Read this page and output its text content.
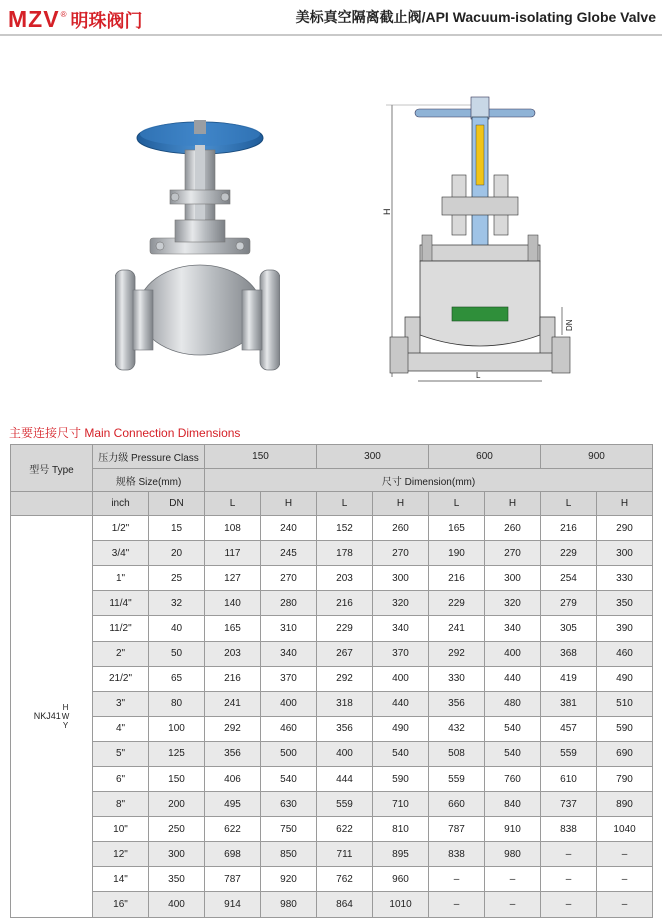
MZV ® 明珠阀门	美标真空隔离截止阀/API Wacuum-isolating Globe Valve
H
DN
L
主要连接尺寸 Main Connection Dimensions
型号 Type	压力级 Pressure Class		150		300		600		900	
	规格 Size(mm)		尺寸 Dimension(mm)							
	inch	DN	L	H	L	H	L	H	L	H

NKJ41
H
W
Y	1/2"	15	108	240	152	260	165	260	216	290
	3/4"	20	117	245	178	270	190	270	229	300
	1"	25	127	270	203	300	216	300	254	330
	11/4"	32	140	280	216	320	229	320	279	350
	11/2"	40	165	310	229	340	241	340	305	390
	2"	50	203	340	267	370	292	400	368	460
	21/2"	65	216	370	292	400	330	440	419	490
	3"	80	241	400	318	440	356	480	381	510
	4"	100	292	460	356	490	432	540	457	590
	5"	125	356	500	400	540	508	540	559	690
	6"	150	406	540	444	590	559	760	610	790
	8"	200	495	630	559	710	660	840	737	890
	10"	250	622	750	622	810	787	910	838	1040
	12"	300	698	850	711	895	838	980	–	–
	14"	350	787	920	762	960	–	–	–	–
	16"	400	914	980	864	1010	–	–	–	–
